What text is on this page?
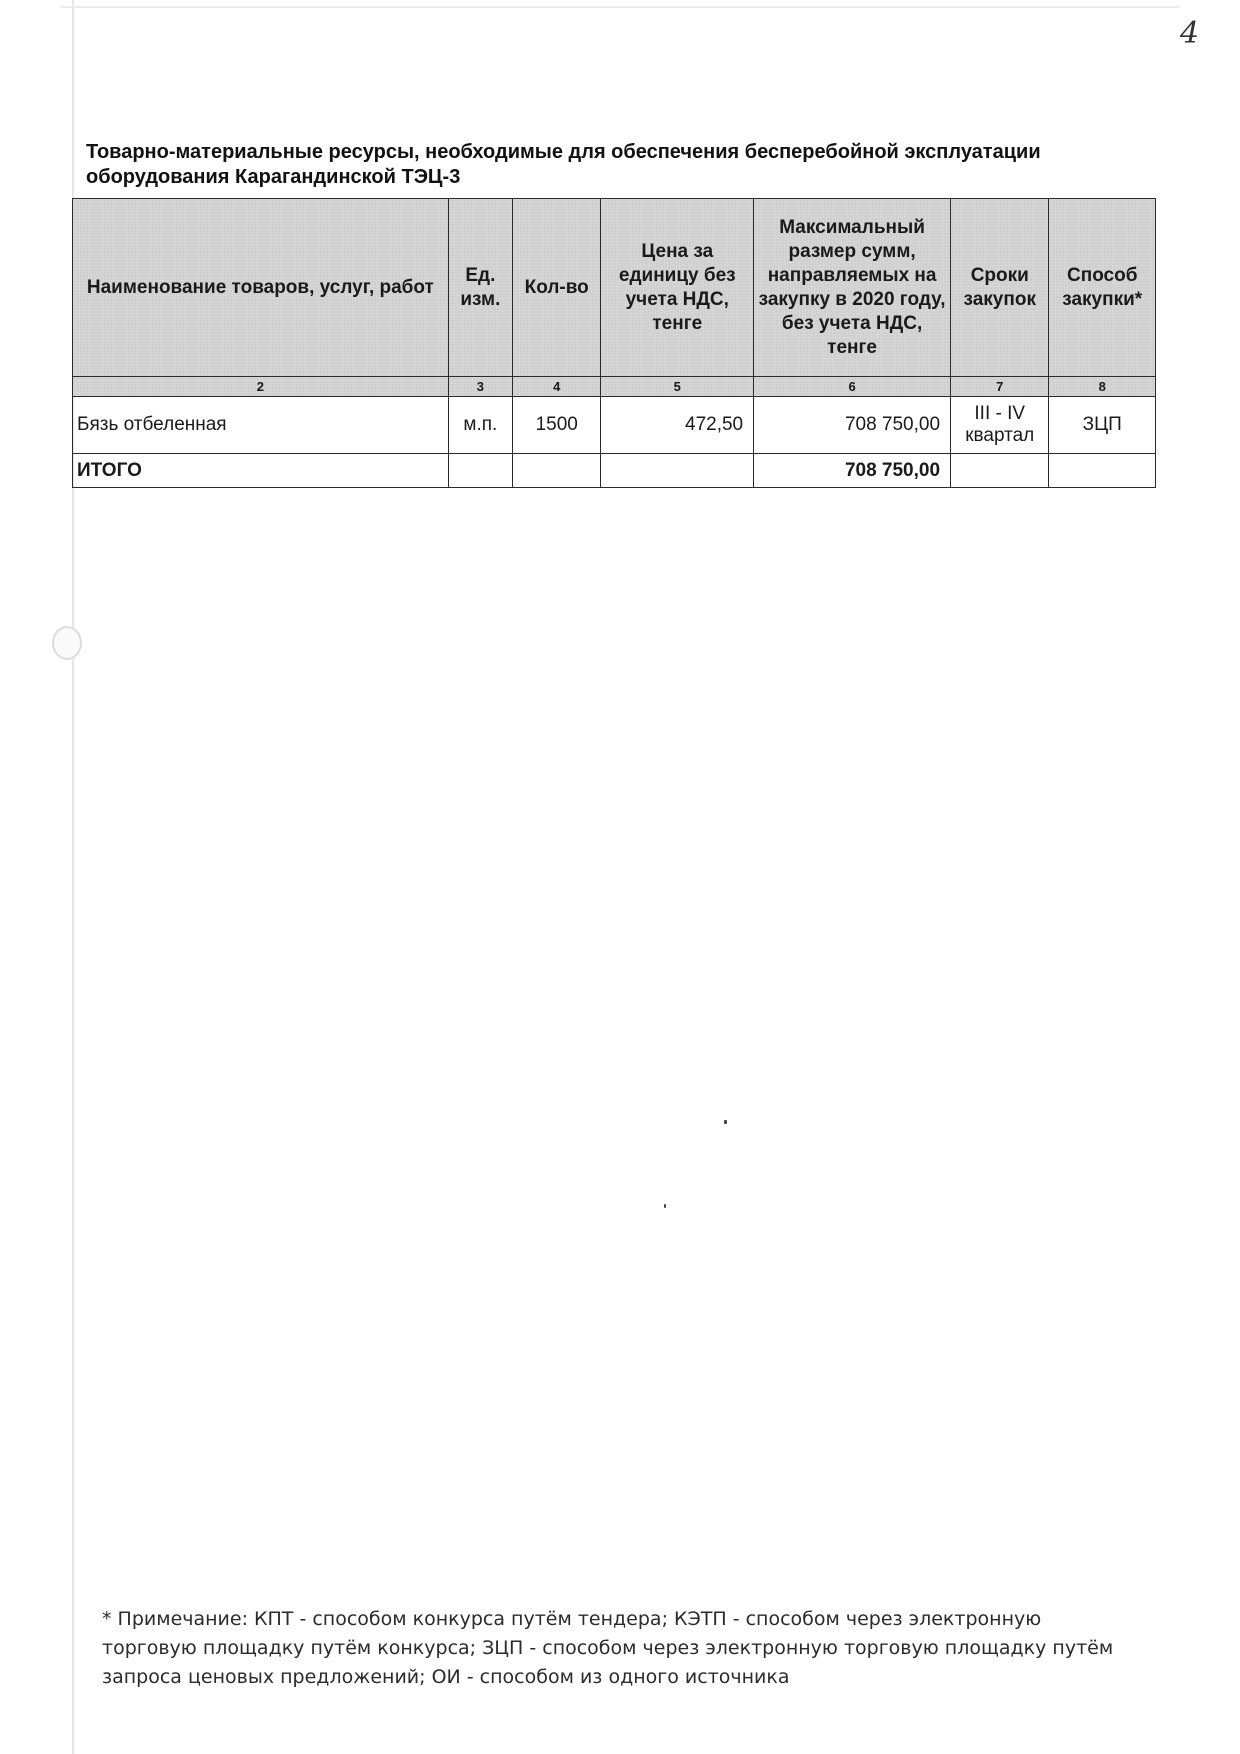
4
Товарно-материальные ресурсы, необходимые для обеспечения бесперебойной эксплуатации
оборудования Карагандинской ТЭЦ-3
Наименование товаров, услуг, работ	Ед. изм.	Кол-во	Цена за единицу без учета НДС, тенге	Максимальный размер сумм, направляемых на закупку в 2020 году, без учета НДС, тенге	Сроки закупок	Способ закупки*
2	3	4	5	6	7	8
Бязь отбеленная	м.п.	1500	472,50	708 750,00	III - IV квартал	ЗЦП
ИТОГО				708 750,00		

* Примечание: КПТ - способом конкурса путём тендера; КЭТП - способом через электронную торговую площадку путём конкурса; ЗЦП - способом через электронную торговую площадку путём запроса ценовых предложений; ОИ - способом из одного источника
